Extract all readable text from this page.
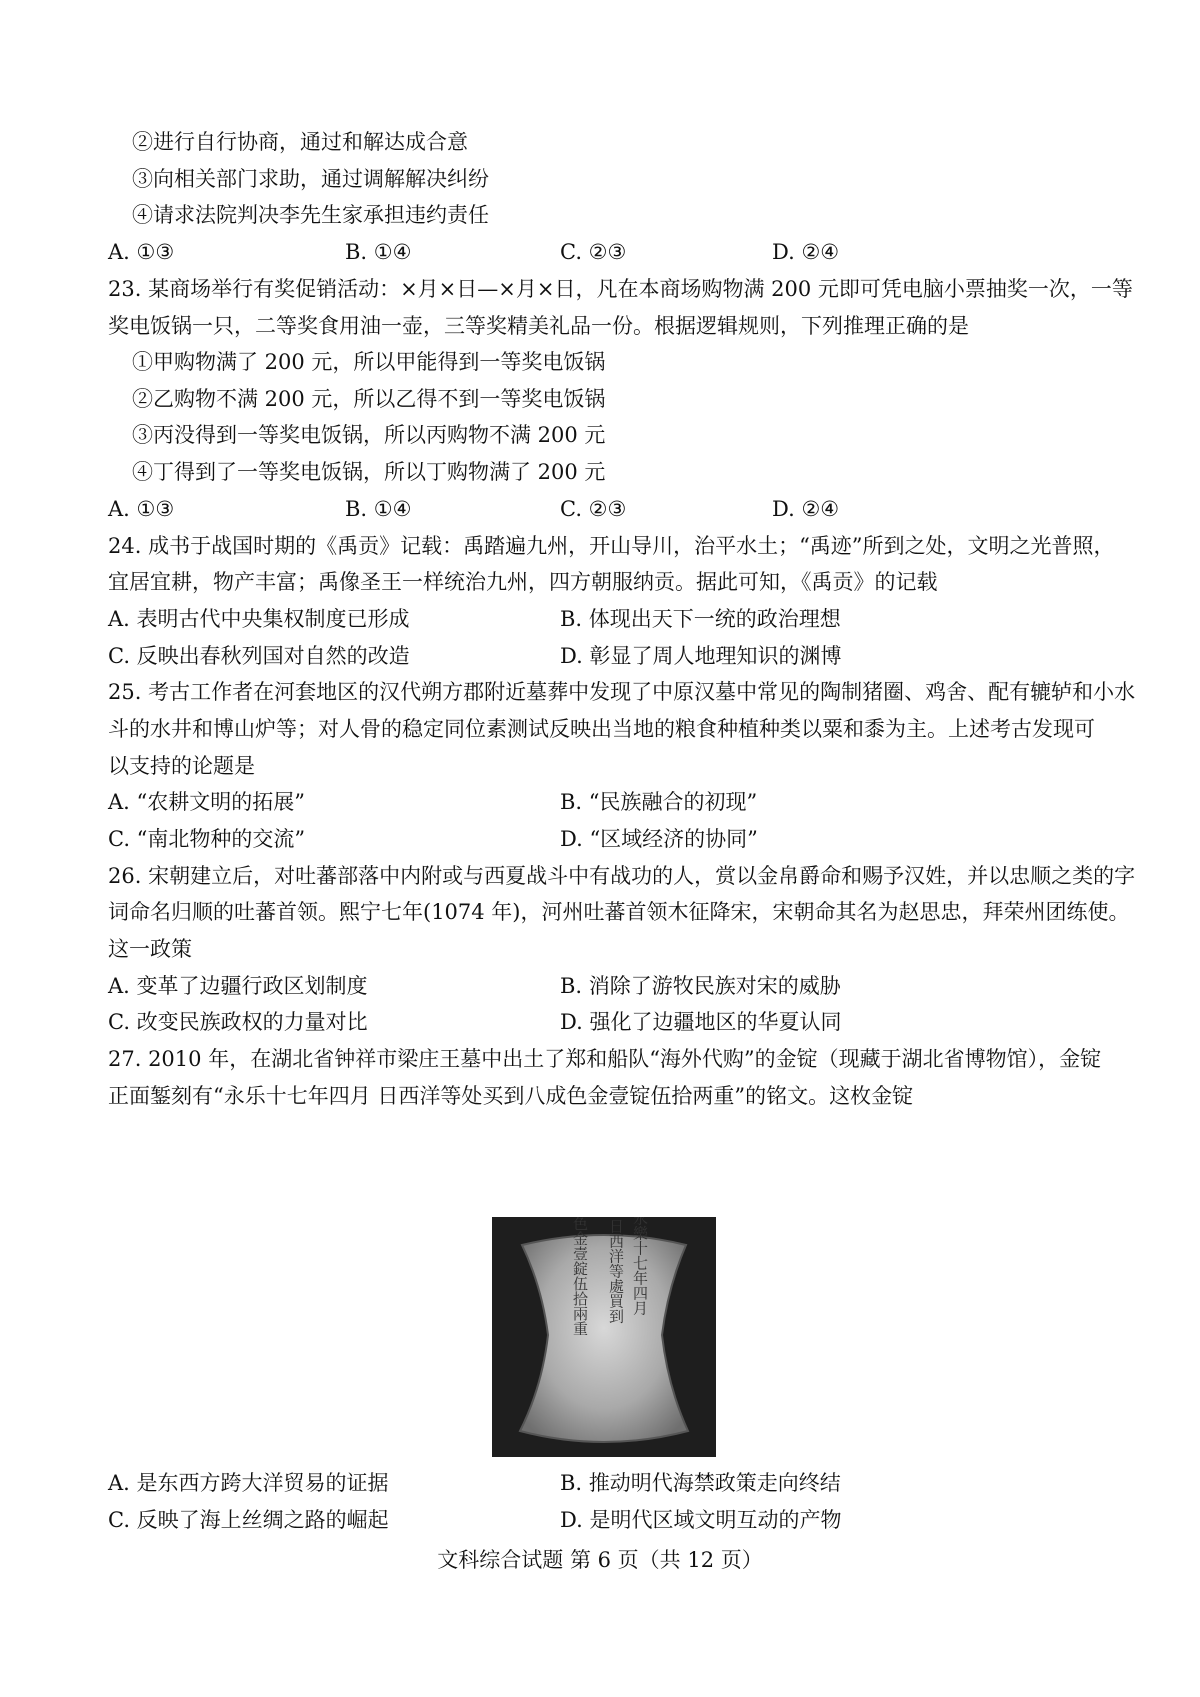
②进行自行协商，通过和解达成合意
③向相关部门求助，通过调解解决纠纷
④请求法院判决李先生家承担违约责任
A. ①③	B. ①④	C. ②③	D. ②④
23. 某商场举行有奖促销活动：×月×日—×月×日，凡在本商场购物满 200 元即可凭电脑小票抽奖一次，一等
奖电饭锅一只，二等奖食用油一壶，三等奖精美礼品一份。根据逻辑规则，下列推理正确的是
①甲购物满了 200 元，所以甲能得到一等奖电饭锅
②乙购物不满 200 元，所以乙得不到一等奖电饭锅
③丙没得到一等奖电饭锅，所以丙购物不满 200 元
④丁得到了一等奖电饭锅，所以丁购物满了 200 元
A. ①③	B. ①④	C. ②③	D. ②④
24. 成书于战国时期的《禹贡》记载：禹踏遍九州，开山导川，治平水土；“禹迹”所到之处，文明之光普照，
宜居宜耕，物产丰富；禹像圣王一样统治九州，四方朝服纳贡。据此可知，《禹贡》的记载
A. 表明古代中央集权制度已形成	B. 体现出天下一统的政治理想
C. 反映出春秋列国对自然的改造	D. 彰显了周人地理知识的渊博
25. 考古工作者在河套地区的汉代朔方郡附近墓葬中发现了中原汉墓中常见的陶制猪圈、鸡舍、配有辘轳和小水
斗的水井和博山炉等；对人骨的稳定同位素测试反映出当地的粮食种植种类以粟和黍为主。上述考古发现可
以支持的论题是
A. “农耕文明的拓展”	B. “民族融合的初现”
C. “南北物种的交流”	D. “区域经济的协同”
26. 宋朝建立后，对吐蕃部落中内附或与西夏战斗中有战功的人，赏以金帛爵命和赐予汉姓，并以忠顺之类的字
词命名归顺的吐蕃首领。熙宁七年(1074 年)，河州吐蕃首领木征降宋，宋朝命其名为赵思忠，拜荣州团练使。
这一政策
A. 变革了边疆行政区划制度	B. 消除了游牧民族对宋的威胁
C. 改变民族政权的力量对比	D. 强化了边疆地区的华夏认同
27. 2010 年，在湖北省钟祥市梁庄王墓中出土了郑和船队“海外代购”的金锭（现藏于湖北省博物馆），金锭
正面錾刻有“永乐十七年四月 日西洋等处买到八成色金壹锭伍拾两重”的铭文。这枚金锭
永樂十七年四月
日西洋等處買到
八成色金壹錠伍拾兩重
A. 是东西方跨大洋贸易的证据	B. 推动明代海禁政策走向终结
C. 反映了海上丝绸之路的崛起	D. 是明代区域文明互动的产物
文科综合试题 第 6 页（共 12 页）
